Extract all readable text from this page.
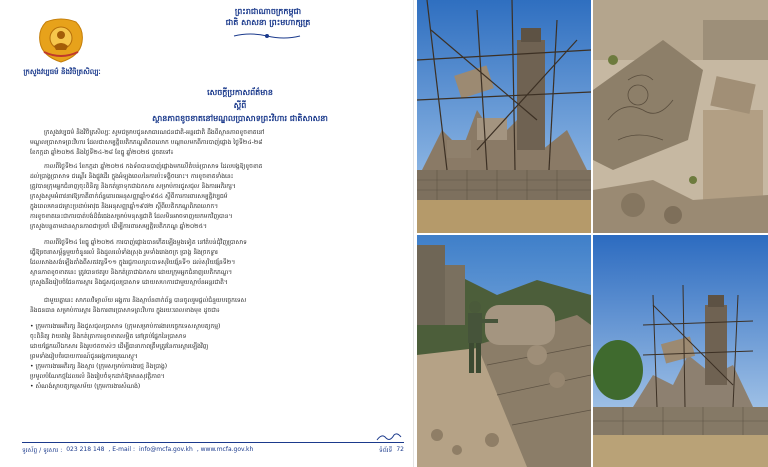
ក្រសួងវប្បធម៌ និងវិចិត្រសិល្បៈ
ព្រះរាជាណាចក្រកម្ពុជា
ជាតិ សាសនា ព្រះមហាក្សត្រ
សេចក្តីប្រកាសព័ត៌មាន
ស្តីពី
ស្ថានភាពខូចខាតនៅមណ្ឌលប្រាសាទព្រះវិហារ ជាតិសាសនា
ក្រសួងវប្បធម៌ និងវិចិត្រសិល្បៈ សូមជម្រាបជូនសាធារណជនជាតិ-អន្តរជាតិ ដឹងពីស្ថានភាពខូចខាតនៅ
មណ្ឌលប្រាសាទព្រះវិហារ ដែលជាសម្បត្តិបេតិកភណ្ឌពិភពលោក បណ្តាលមកពីការបាញ់ផ្លោង ថ្ងៃទី២៤-២៨
ខែកក្កដា ឆ្នាំ២០២៥ និងថ្ងៃទី២៤-២៨ ខែធ្នូ ឆ្នាំ២០២៥ ដូចតទៅ៖
កាលពីថ្ងៃទី២៤ ខែកក្កដា ឆ្នាំ២០២៥ កងទ័ពបានបាញ់ផ្លោងមកលើតំបន់ប្រាសាទ ដែលបង្កឱ្យខូចខាត
ដល់ប្រាង្គប្រាសាទ ជណ្តើរ និងផ្លូវដើរ ក្នុងអំឡុងពេលនៃការប៉ះទង្គិចនោះ។ ការខូចខាតទាំងនេះ
ត្រូវបានក្រុមអ្នកជំនាញចុះពិនិត្យ និងកត់ត្រាទុកជាឯកសារ សម្រាប់ការជួសជុល និងការអភិរក្ស។
ក្រសួងសូមអំពាវនាវឱ្យភាគីពាក់ព័ន្ធគោរពអនុសញ្ញាឆ្នាំ១៩៥៤ ស្តីពីការការពារសម្បត្តិវប្បធម៌
ក្នុងពេលមានជម្លោះប្រដាប់អាវុធ និងអនុសញ្ញាឆ្នាំ១៩៧២ ស្តីពីបេតិកភណ្ឌពិភពលោក។
ការខូចខាតនេះជាការបាត់បង់ដ៏ធំធេងសម្រាប់មនុស្សជាតិ ដែលមិនអាចទាញយកមកវិញបាន។
ក្រសួងបន្តតាមដានស្ថានភាពជាប្រចាំ ដើម្បីការពារសម្បត្តិបេតិកភណ្ឌ ឆ្នាំ២០២៥។
កាលពីថ្ងៃទី២៤ ខែធ្នូ ឆ្នាំ២០២៥ ការបាញ់ផ្លោងបានកើតឡើងម្តងទៀត នៅតំបន់ជុំវិញប្រាសាទ
ធ្វើឱ្យរចនាសម្ព័ន្ធមួយចំនួនរលំ និងដួលរលំទាំងស្រុង រួមទាំងរោងចក្រ ប្រាង្គ និងច្រកទ្វារ
ដែលសាងសង់ឡើងតាំងពីសតវត្សទី១១ ក្នុងរជ្ជកាលព្រះបាទសុរិយវរ្ម័នទី១ ដល់សុរិយវរ្ម័នទី២។
ស្ថានភាពខូចខាតនេះ ត្រូវបានថតរូប និងកត់ត្រាជាឯកសារ ដោយក្រុមអ្នកជំនាញបេតិកភណ្ឌ។
ក្រសួងនឹងរៀបចំផែនការស្តារ និងជួសជុលប្រាសាទ ដោយសហការជាមួយស្ថាប័នអន្តរជាតិ។
ជាមួយគ្នានេះ សាកលវិទ្យាល័យ អង្គការ និងស្ថាប័នពាក់ព័ន្ធ បានចូលរួមផ្តល់ជំនួយបច្ចេកទេស
និងធនធាន សម្រាប់ការស្តារ និងការពារប្រាសាទព្រះវិហារ ក្នុងរយៈពេលខាងមុខ ដូចជា៖
• ក្រុមការងារអភិរក្ស និងជួសជុលប្រាសាទ (ក្រុមសម្រាប់ការងារបច្ចេកទេសស្ថាបត្យកម្ម)
ចុះពិនិត្យ វាយតម្លៃ និងកត់ត្រាការខូចខាតលម្អិត នៅគ្រប់ផ្នែកនៃប្រាសាទ
ដោយផ្អែកលើឯកសារ និងរូបថតចាស់ៗ ដើម្បីធានាភាពត្រឹមត្រូវនៃការស្តារឡើងវិញ
ព្រមទាំងរៀបចំរបាយការណ៍ជូនអង្គការយូណេស្កូ។
• ក្រុមការងារអភិរក្ស និងស្តារ (ក្រុមសម្រាប់ការងារថ្ម និងប្រាង្គ)
ប្រមូលបំណែកថ្មដែលរលំ និងរៀបចំទុកដាក់ឱ្យមានសុវត្ថិភាព។
• សំណង់ស្ថាបត្យកម្មសម័យ (ក្រុមការងារសំណង់)
ទូរស័ព្ទ / ទូរសារ : 023 218 148 , E-mail : info@mcfa.gov.kh , www.mcfa.gov.kh	ទំព័រទី 72
